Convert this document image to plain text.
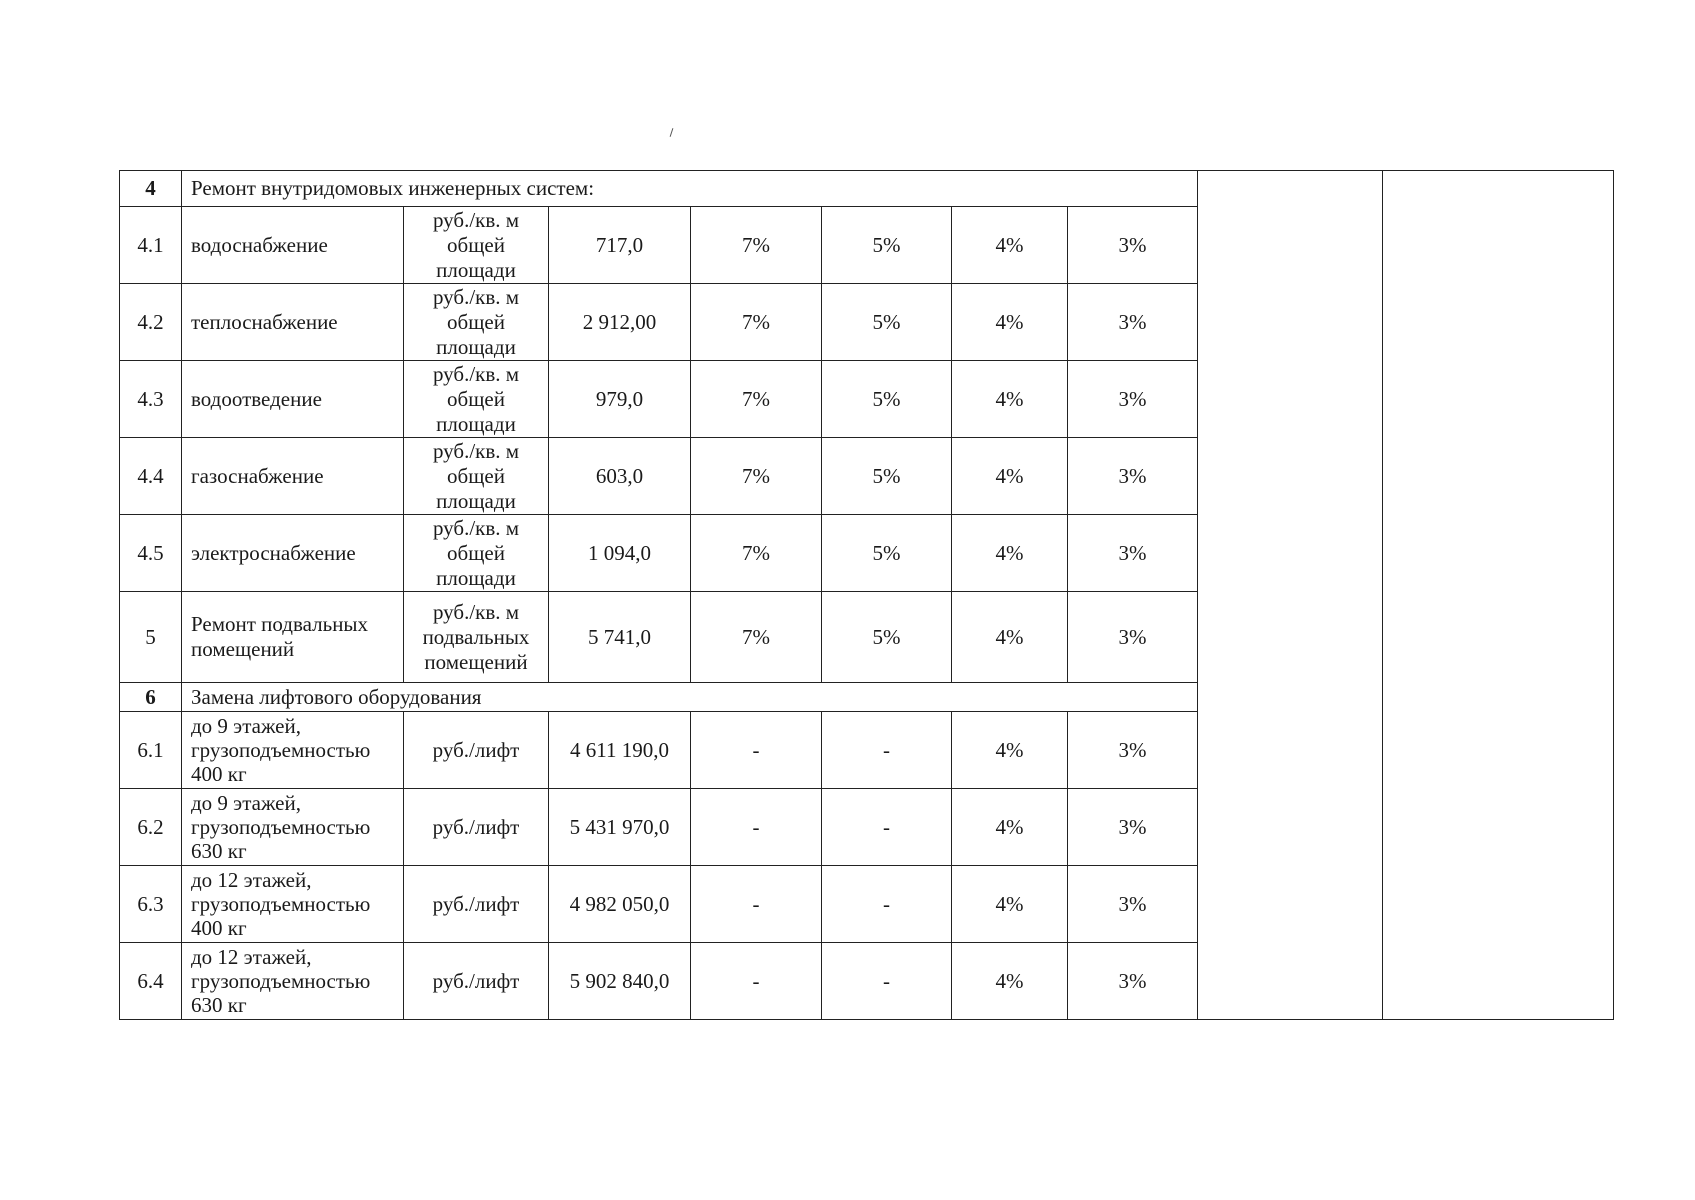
4	Ремонт внутридомовых инженерных систем:								
4.1	водоснабжение	руб./кв. м
общей
площади	717,0	7%	5%	4%	3%		
4.2	теплоснабжение	руб./кв. м
общей
площади	2 912,00	7%	5%	4%	3%		
4.3	водоотведение	руб./кв. м
общей
площади	979,0	7%	5%	4%	3%		
4.4	газоснабжение	руб./кв. м
общей
площади	603,0	7%	5%	4%	3%		
4.5	электроснабжение	руб./кв. м
общей
площади	1 094,0	7%	5%	4%	3%		
5	Ремонт подвальных
помещений	руб./кв. м
подвальных
помещений	5 741,0	7%	5%	4%	3%		
6	Замена лифтового оборудования								
6.1	до 9 этажей,
грузоподъемностью
400 кг	руб./лифт	4 611 190,0	-	-	4%	3%		
6.2	до 9 этажей,
грузоподъемностью
630 кг	руб./лифт	5 431 970,0	-	-	4%	3%		
6.3	до 12 этажей,
грузоподъемностью
400 кг	руб./лифт	4 982 050,0	-	-	4%	3%		
6.4	до 12 этажей,
грузоподъемностью
630 кг	руб./лифт	5 902 840,0	-	-	4%	3%		
